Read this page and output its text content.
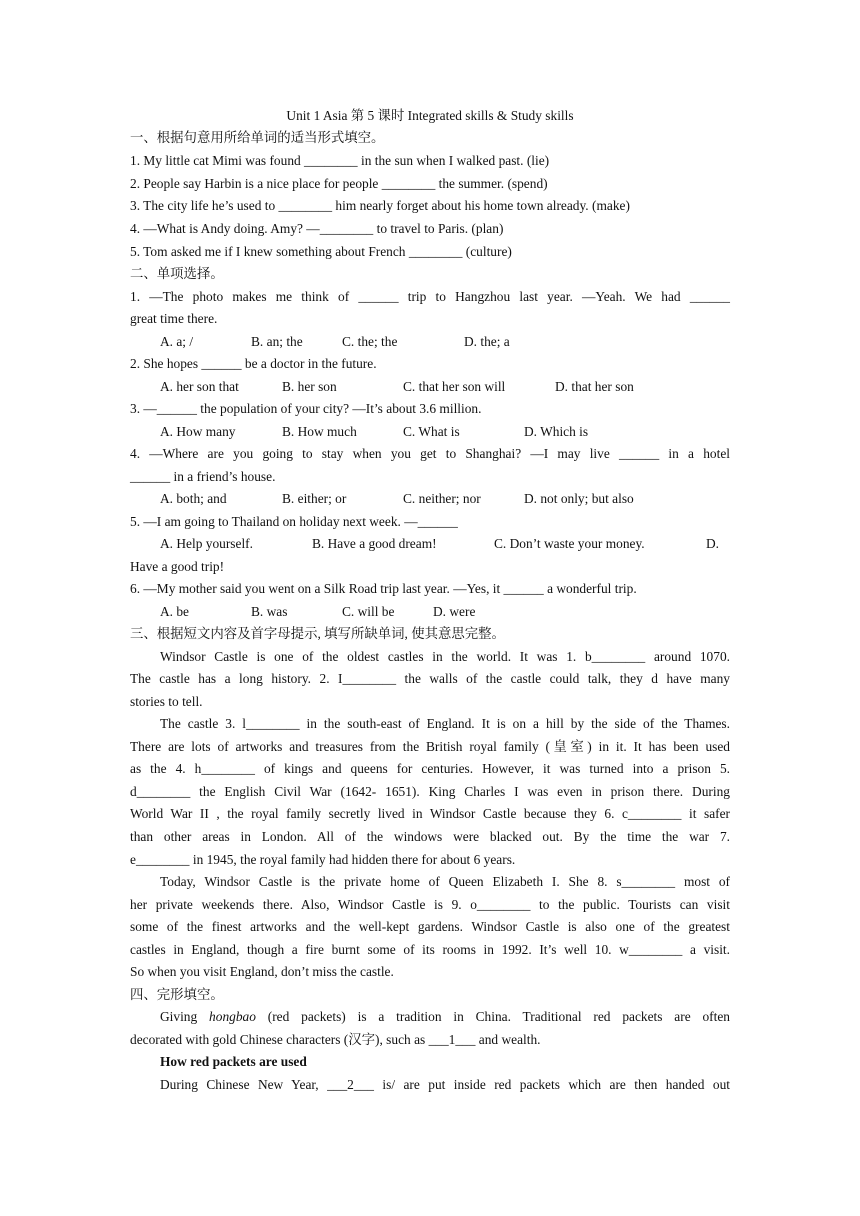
Unit 1 Asia 第 5 课时 Integrated skills & Study skills
一、根据句意用所给单词的适当形式填空。
1. My little cat Mimi was found ________ in the sun when I walked past. (lie)
2. People say Harbin is a nice place for people ________ the summer. (spend)
3. The city life he’s used to ________ him nearly forget about his home town already. (make)
4. —What is Andy doing. Amy? —________ to travel to Paris. (plan)
5. Tom asked me if I knew something about French ________ (culture)
二、单项选择。
1. —The photo makes me think of ______ trip to Hangzhou last year. —Yeah. We had ______
great time there.
A. a; /	B. an; the	C. the; the	D. the; a
2. She hopes ______ be a doctor in the future.
A. her son that	B. her son	C. that her son will	D. that her son
3. —______ the population of your city? —It’s about 3.6 million.
A. How many	B. How much	C. What is	D. Which is
4. —Where are you going to stay when you get to Shanghai? —I may live ______ in a hotel
______ in a friend’s house.
A. both; and	B. either; or	C. neither; nor	D. not only; but also
5. —I am going to Thailand on holiday next week. —______
A. Help yourself.	B. Have a good dream!	C. Don’t waste your money.	D.
Have a good trip!
6. —My mother said you went on a Silk Road trip last year. —Yes, it ______ a wonderful trip.
A. be	B. was	C. will be	D. were
三、根据短文内容及首字母提示, 填写所缺单词, 使其意思完整。
Windsor Castle is one of the oldest castles in the world. It was 1. b________ around 1070.
The castle has a long history. 2. I________ the walls of the castle could talk, they d have many
stories to tell.
The castle 3. l________ in the south-east of England. It is on a hill by the side of the Thames.
There are lots of artworks and treasures from the British royal family (皇室) in it. It has been used
as the 4. h________ of kings and queens for centuries. However, it was turned into a prison 5.
d________ the English Civil War (1642- 1651). King Charles I was even in prison there. During
World War II , the royal family secretly lived in Windsor Castle because they 6. c________ it safer
than other areas in London. All of the windows were blacked out. By the time the war 7.
e________ in 1945, the royal family had hidden there for about 6 years.
Today, Windsor Castle is the private home of Queen Elizabeth I. She 8. s________ most of
her private weekends there. Also, Windsor Castle is 9. o________ to the public. Tourists can visit
some of the finest artworks and the well-kept gardens. Windsor Castle is also one of the greatest
castles in England, though a fire burnt some of its rooms in 1992. It’s well 10. w________ a visit.
So when you visit England, don’t miss the castle.
四、完形填空。
Giving hongbao (red packets) is a tradition in China. Traditional red packets are often
decorated with gold Chinese characters (汉字), such as ___1___ and wealth.
How red packets are used
During Chinese New Year, ___2___ is/ are put inside red packets which are then handed out
